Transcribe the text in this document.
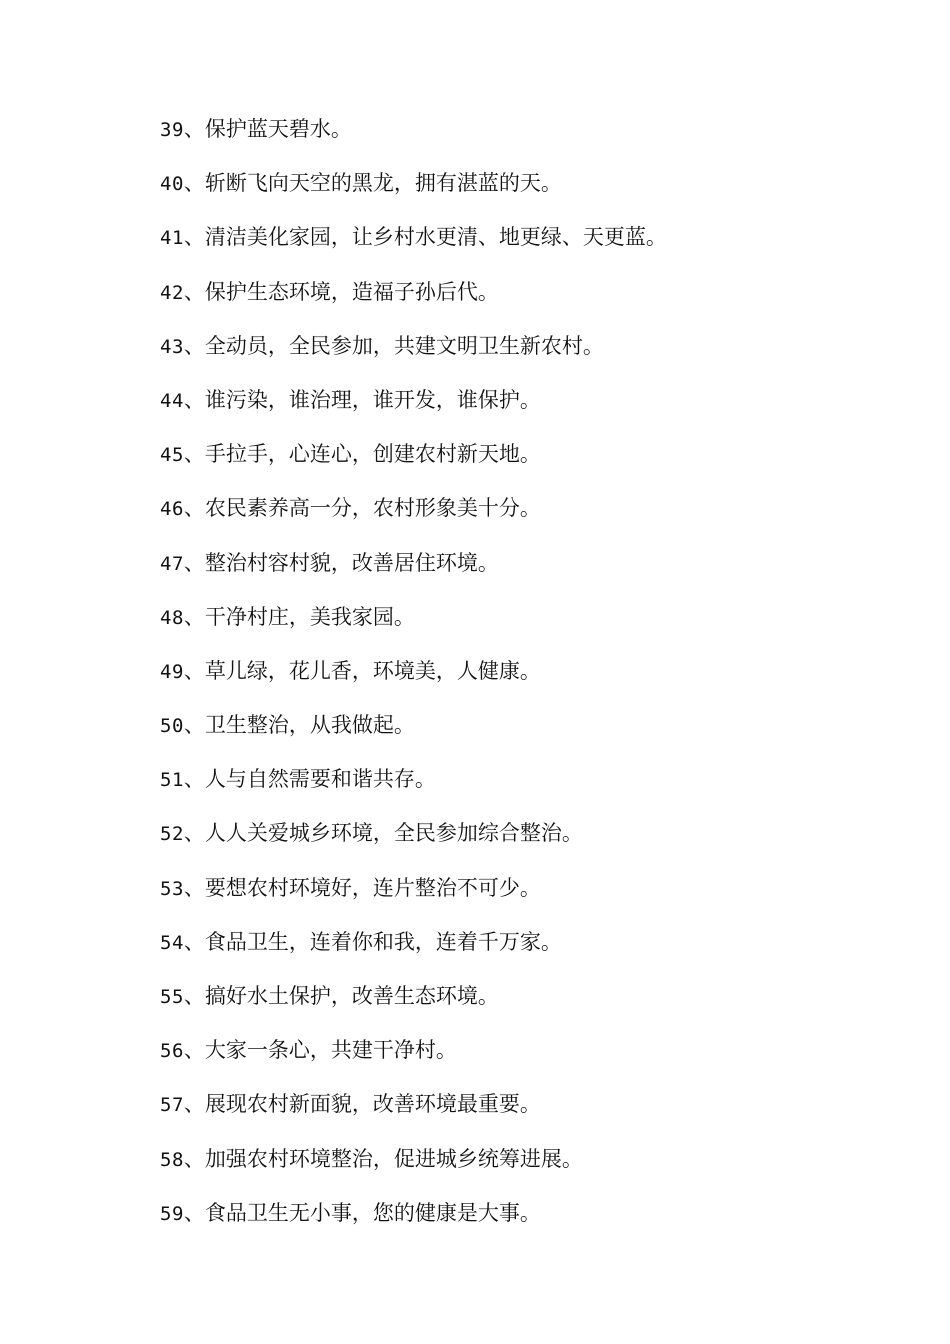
39、保护蓝天碧水。
40、斩断飞向天空的黑龙，拥有湛蓝的天。
41、清洁美化家园，让乡村水更清、地更绿、天更蓝。
42、保护生态环境，造福子孙后代。
43、全动员，全民参加，共建文明卫生新农村。
44、谁污染，谁治理，谁开发，谁保护。
45、手拉手，心连心，创建农村新天地。
46、农民素养高一分，农村形象美十分。
47、整治村容村貌，改善居住环境。
48、干净村庄，美我家园。
49、草儿绿，花儿香，环境美，人健康。
50、卫生整治，从我做起。
51、人与自然需要和谐共存。
52、人人关爱城乡环境，全民参加综合整治。
53、要想农村环境好，连片整治不可少。
54、食品卫生，连着你和我，连着千万家。
55、搞好水土保护，改善生态环境。
56、大家一条心，共建干净村。
57、展现农村新面貌，改善环境最重要。
58、加强农村环境整治，促进城乡统筹进展。
59、食品卫生无小事，您的健康是大事。
